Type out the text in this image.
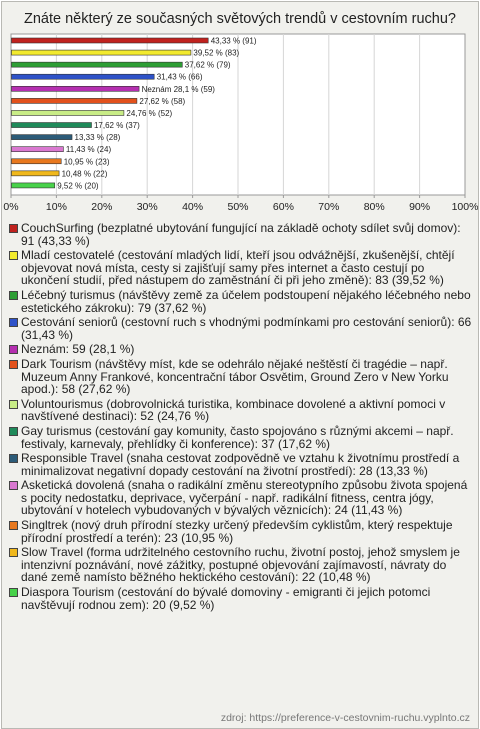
Znáte některý ze současných světových trendů v cestovním ruchu?
0%	10% 20% 30% 40% 50% 60% 70% 80% 90% 100%
43,33 % (91)
39,52 % (83)
37,62 % (79)
31,43 % (66)
Neznám 28,1 % (59)
27,62 % (58)
24,76 % (52)
17,62 % (37)
13,33 % (28)
11,43 % (24)
10,95 % (23)
10,48 % (22)
9,52 % (20)
CouchSurfing (bezplatné ubytování fungující na základě ochoty sdílet svůj domov): 91 (43,33 %)
Mladí cestovatelé (cestování mladých lidí, kteří jsou odvážnější, zkušenější, chtějí objevovat nová místa, cesty si zajišťují samy přes internet a často cestují po ukončení studií, před nástupem do zaměstnání či při jeho změně): 83 (39,52 %)
Léčebný turismus (návštěvy země za účelem podstoupení nějakého léčebného nebo estetického zákroku): 79 (37,62 %)
Cestování seniorů (cestovní ruch s vhodnými podmínkami pro cestování seniorů): 66 (31,43 %)
Neznám: 59 (28,1 %)
Dark Tourism (návštěvy míst, kde se odehrálo nějaké neštěstí či tragédie – např. Muzeum Anny Frankové, koncentrační tábor Osvětim, Ground Zero v New Yorku apod.): 58 (27,62 %)
Voluntourismus (dobrovolnická turistika, kombinace dovolené a aktivní pomoci v navštívené destinaci): 52 (24,76 %)
Gay turismus (cestování gay komunity, často spojováno s různými akcemi – např. festivaly, karnevaly, přehlídky či konference): 37 (17,62 %)
Responsible Travel (snaha cestovat zodpovědně ve vztahu k životnímu prostředí a minimalizovat negativní dopady cestování na životní prostředí): 28 (13,33 %)
Asketická dovolená (snaha o radikální změnu stereotypního způsobu života spojená s pocity nedostatku, deprivace, vyčerpání - např. radikální fitness, centra jógy, ubytování v hotelech vybudovaných v bývalých věznicích): 24 (11,43 %)
Singltrek (nový druh přírodní stezky určený především cyklistům, který respektuje přírodní prostředí a terén): 23 (10,95 %)
Slow Travel (forma udržitelného cestovního ruchu, životní postoj, jehož smyslem je intenzivní poznávání, nové zážitky, postupné objevování zajímavostí, návraty do dané země namísto běžného hektického cestování): 22 (10,48 %)
Diaspora Tourism (cestování do bývalé domoviny - emigranti či jejich potomci navštěvují rodnou zem): 20 (9,52 %)
zdroj: https://preference-v-cestovnim-ruchu.vyplnto.cz
